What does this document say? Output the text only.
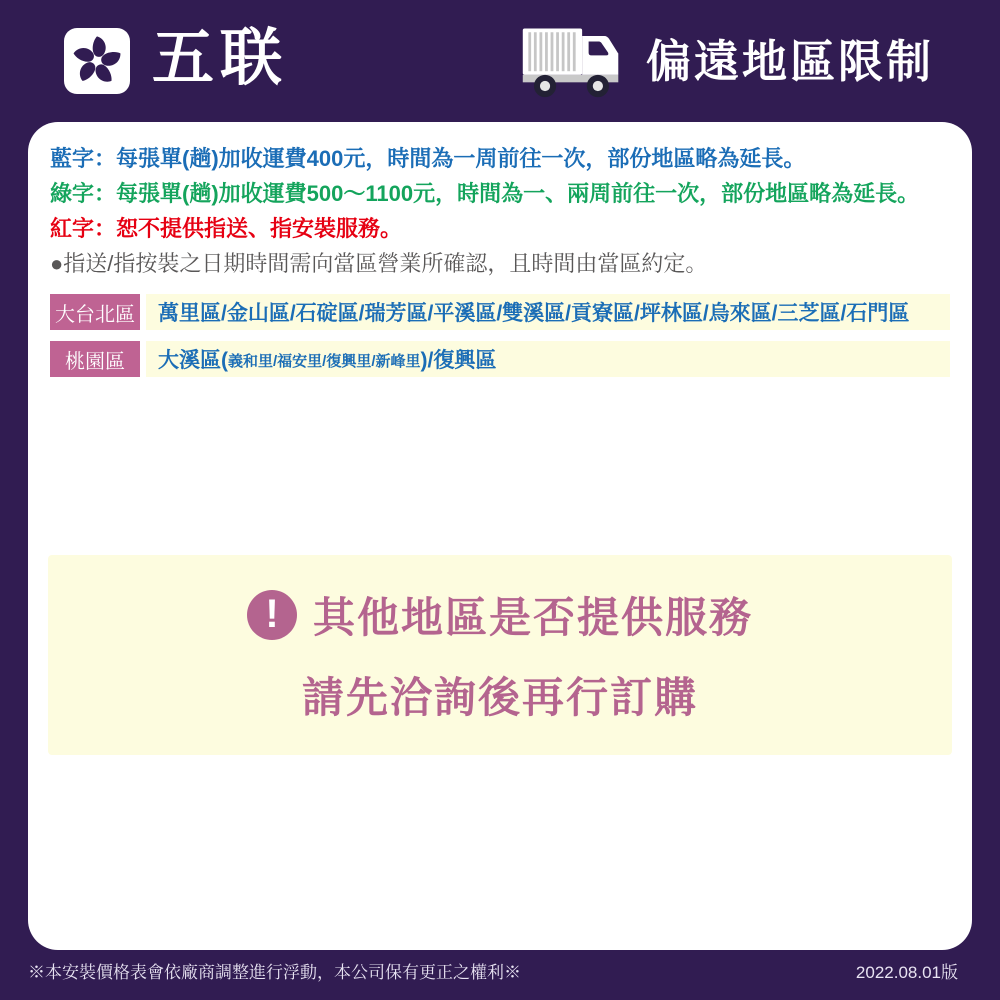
五联	偏遠地區限制

藍字：每張單(趟)加收運費400元，時間為一周前往一次，部份地區略為延長。

綠字：每張單(趟)加收運費500～1100元，時間為一、兩周前往一次，部份地區略為延長。

紅字：恕不提供指送、指安裝服務。

●指送/指按裝之日期時間需向當區營業所確認，且時間由當區約定。

大台北區	萬里區/金山區/石碇區/瑞芳區/平溪區/雙溪區/貢寮區/坪林區/烏來區/三芝區/石門區
桃園區	大溪區( 義和里/福安里/復興里/新峰里 )/復興區
! 其他地區是否提供服務
請先洽詢後再行訂購
※本安裝價格表會依廠商調整進行浮動，本公司保有更正之權利※	2022.08.01版
